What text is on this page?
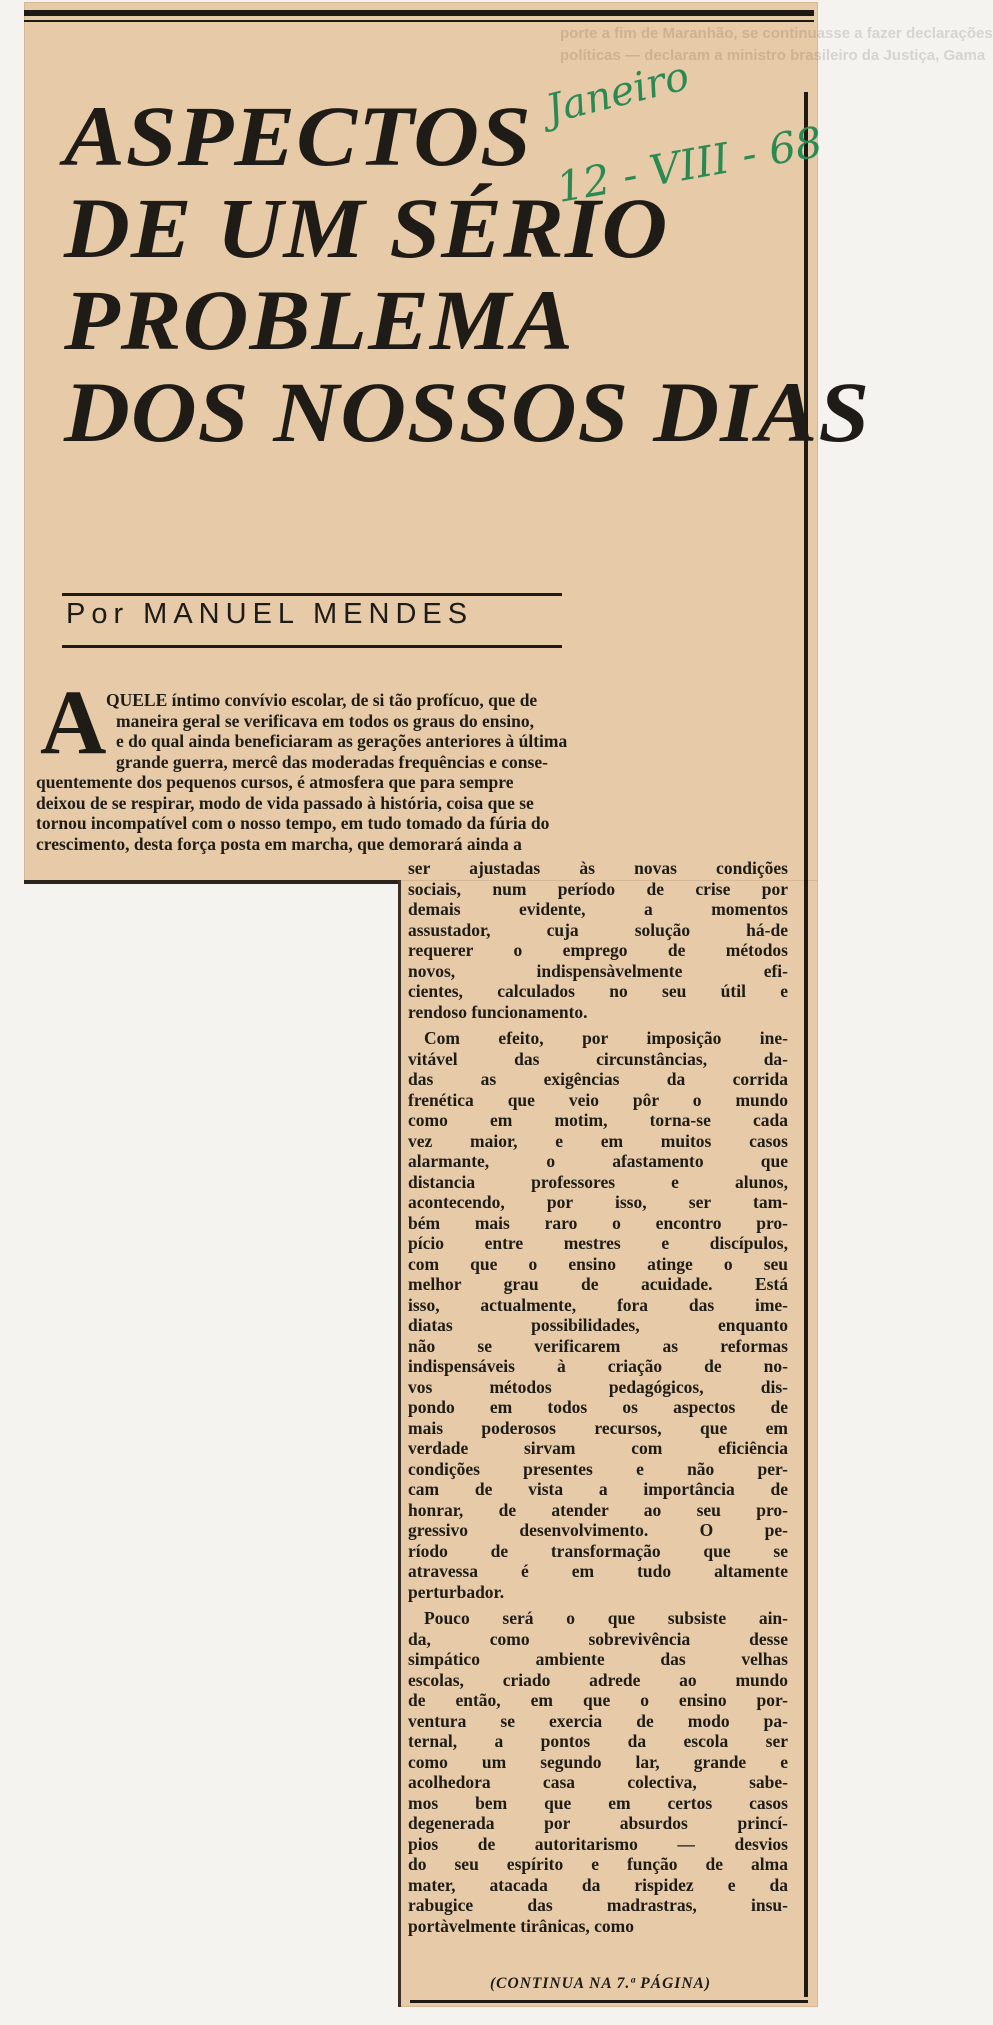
porte a fim de Maranhão, se continuasse a fazer declarações
políticas — declaram a ministro brasileiro da Justiça, Gama
ASPECTOS
DE UM SÉRIO
PROBLEMA
DOS NOSSOS DIAS
Janeiro
12 - VIII - 68
Por MANUEL MENDES
A QUELE íntimo convívio escolar, de si tão profícuo, que de
maneira geral se verificava em todos os graus do ensino,
e do qual ainda beneficiaram as gerações anteriores à última
grande guerra, mercê das moderadas frequências e conse-
quentemente dos pequenos cursos, é atmosfera que para sempre
deixou de se respirar, modo de vida passado à história, coisa que se
tornou incompatível com o nosso tempo, em tudo tomado da fúria do
crescimento, desta força posta em marcha, que demorará ainda a
ser ajustadas às novas condições
sociais, num período de crise por
demais evidente, a momentos
assustador, cuja solução há-de
requerer o emprego de métodos
novos, indispensàvelmente efi-
cientes, calculados no seu útil e
rendoso funcionamento.
Com efeito, por imposição ine-
vitável das circunstâncias, da-
das as exigências da corrida
frenética que veio pôr o mundo
como em motim, torna-se cada
vez maior, e em muitos casos
alarmante, o afastamento que
distancia professores e alunos,
acontecendo, por isso, ser tam-
bém mais raro o encontro pro-
pício entre mestres e discípulos,
com que o ensino atinge o seu
melhor grau de acuidade. Está
isso, actualmente, fora das ime-
diatas possibilidades, enquanto
não se verificarem as reformas
indispensáveis à criação de no-
vos métodos pedagógicos, dis-
pondo em todos os aspectos de
mais poderosos recursos, que em
verdade sirvam com eficiência
condições presentes e não per-
cam de vista a importância de
honrar, de atender ao seu pro-
gressivo desenvolvimento. O pe-
ríodo de transformação que se
atravessa é em tudo altamente
perturbador.
Pouco será o que subsiste ain-
da, como sobrevivência desse
simpático ambiente das velhas
escolas, criado adrede ao mundo
de então, em que o ensino por-
ventura se exercia de modo pa-
ternal, a pontos da escola ser
como um segundo lar, grande e
acolhedora casa colectiva, sabe-
mos bem que em certos casos
degenerada por absurdos princí-
pios de autoritarismo — desvios
do seu espírito e função de alma
mater, atacada da rispidez e da
rabugice das madrastras, insu-
portàvelmente tirânicas, como
(CONTINUA NA 7.ª PÁGINA)
